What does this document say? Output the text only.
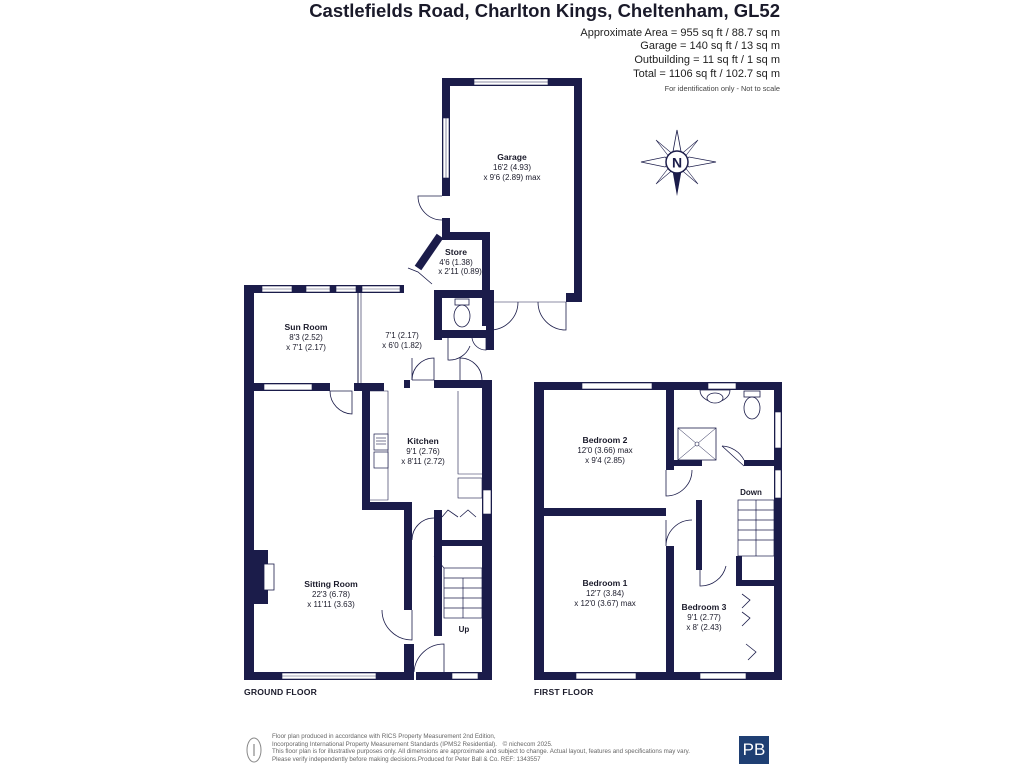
Castlefields Road, Charlton Kings, Cheltenham, GL52
Approximate Area = 955 sq ft / 88.7 sq m
Garage = 140 sq ft / 13 sq m
Outbuilding = 11 sq ft / 1 sq m
Total = 1106 sq ft / 102.7 sq m
For identification only - Not to scale
N
Garage
16'2 (4.93)
x 9'6 (2.89) max
Store
4'6 (1.38)
x 2'11 (0.89)
Sun Room
8'3 (2.52)
x 7'1 (2.17)
7'1 (2.17)
x 6'0 (1.82)
Kitchen
9'1 (2.76)
x 8'11 (2.72)
Sitting Room
22'3 (6.78)
x 11'11 (3.63)
Up
Bedroom 2
12'0 (3.66) max
x 9'4 (2.85)
Bedroom 1
12'7 (3.84)
x 12'0 (3.67) max	Bedroom 3
9'1 (2.77)
x 8' (2.43)
Down
GROUND FLOOR	FIRST FLOOR
Floor plan produced in accordance with RICS Property Measurement 2nd Edition,
Incorporating International Property Measurement Standards (IPMS2 Residential). © nichecom 2025.
This floor plan is for illustrative purposes only. All dimensions are approximate and subject to change. Actual layout, features and specifications may vary.
Please verify independently before making decisions.Produced for Peter Ball & Co. REF: 1343557
PB
